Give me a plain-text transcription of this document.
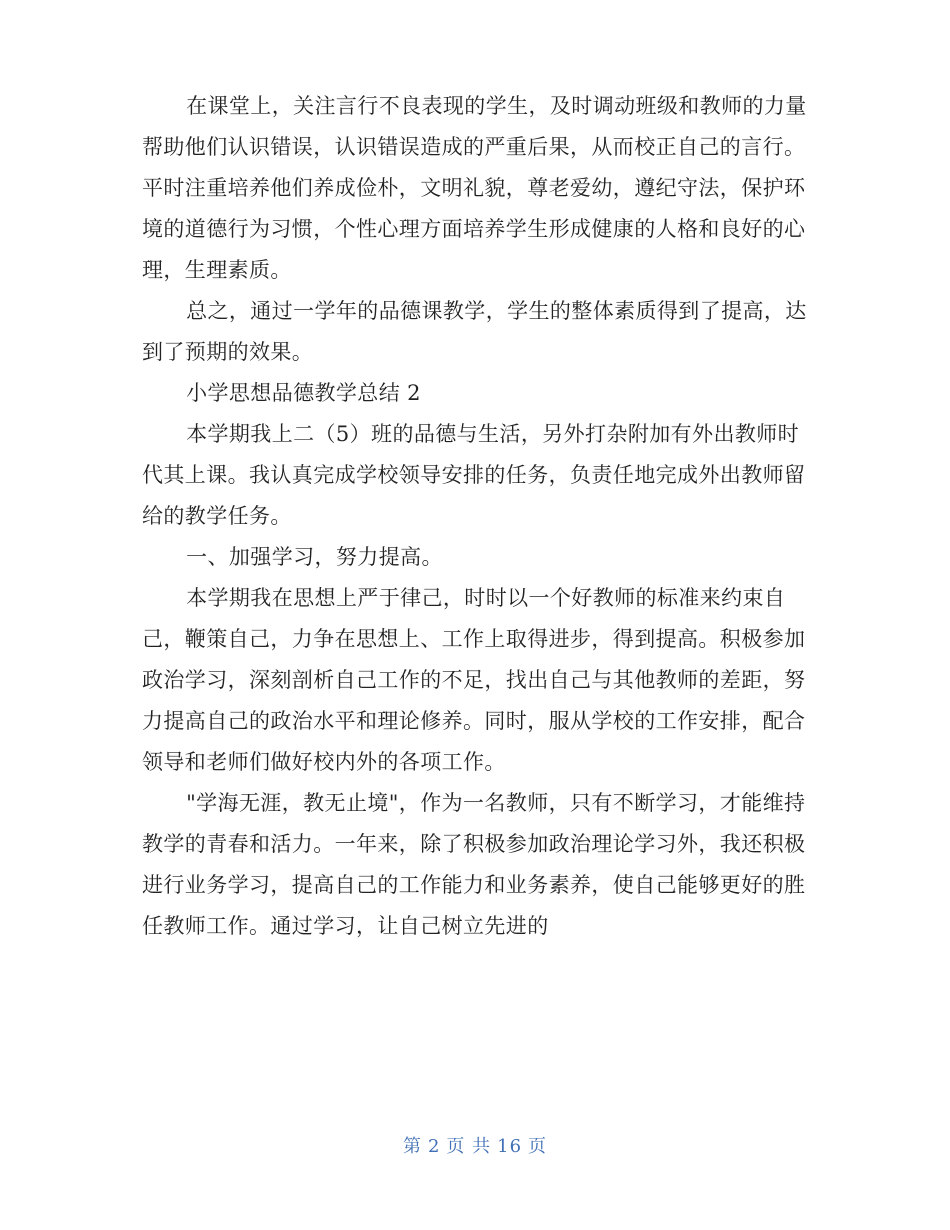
在课堂上，关注言行不良表现的学生，及时调动班级和教师的力量帮助他们认识错误，认识错误造成的严重后果，从而校正自己的言行。平时注重培养他们养成俭朴，文明礼貌，尊老爱幼，遵纪守法，保护环境的道德行为习惯，个性心理方面培养学生形成健康的人格和良好的心理，生理素质。

总之，通过一学年的品德课教学，学生的整体素质得到了提高，达到了预期的效果。

小学思想品德教学总结 2

本学期我上二（5）班的品德与生活，另外打杂附加有外出教师时代其上课。我认真完成学校领导安排的任务，负责任地完成外出教师留给的教学任务。

一、加强学习，努力提高。

本学期我在思想上严于律己，时时以一个好教师的标准来约束自己，鞭策自己，力争在思想上、工作上取得进步，得到提高。积极参加政治学习，深刻剖析自己工作的不足，找出自己与其他教师的差距，努力提高自己的政治水平和理论修养。同时，服从学校的工作安排，配合领导和老师们做好校内外的各项工作。

"学海无涯，教无止境"，作为一名教师，只有不断学习，才能维持教学的青春和活力。一年来，除了积极参加政治理论学习外，我还积极进行业务学习，提高自己的工作能力和业务素养，使自己能够更好的胜任教师工作。通过学习，让自己树立先进的

第 2 页 共 16 页
